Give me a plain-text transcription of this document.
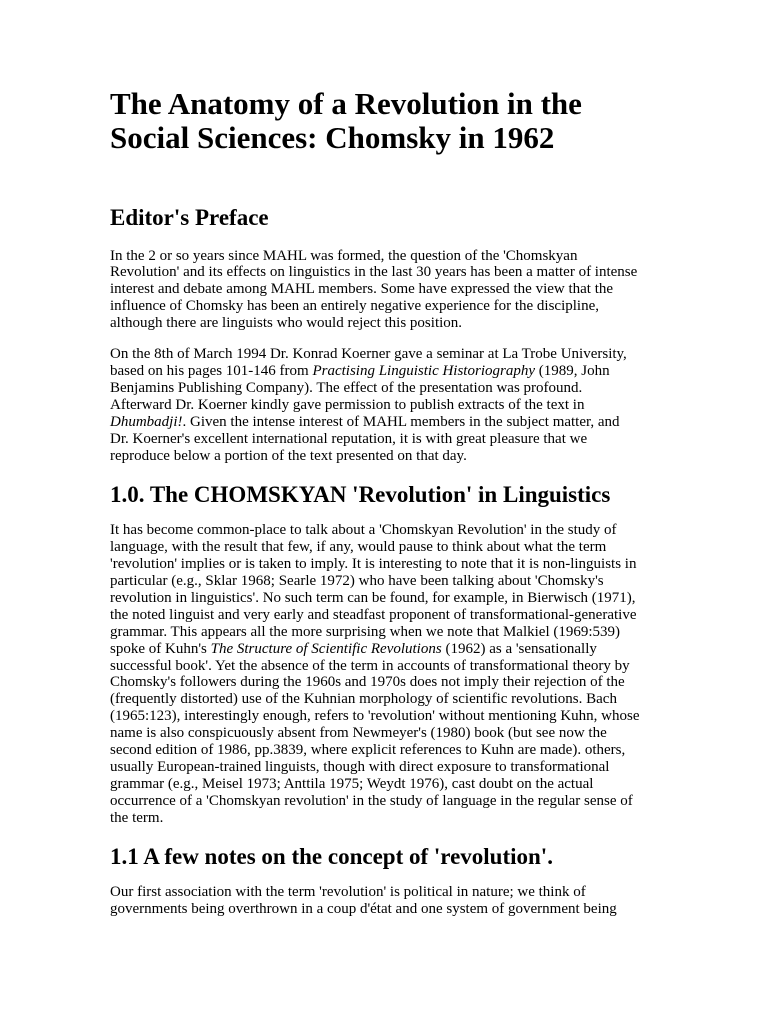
The Anatomy of a Revolution in the
Social Sciences: Chomsky in 1962
Editor's Preface
In the 2 or so years since MAHL was formed, the question of the 'Chomskyan
Revolution' and its effects on linguistics in the last 30 years has been a matter of intense
interest and debate among MAHL members. Some have expressed the view that the
influence of Chomsky has been an entirely negative experience for the discipline,
although there are linguists who would reject this position.
On the 8th of March 1994 Dr. Konrad Koerner gave a seminar at La Trobe University,
based on his pages 101-146 from Practising Linguistic Historiography (1989, John
Benjamins Publishing Company). The effect of the presentation was profound.
Afterward Dr. Koerner kindly gave permission to publish extracts of the text in
Dhumbadji!. Given the intense interest of MAHL members in the subject matter, and
Dr. Koerner's excellent international reputation, it is with great pleasure that we
reproduce below a portion of the text presented on that day.
1.0. The CHOMSKYAN 'Revolution' in Linguistics
It has become common-place to talk about a 'Chomskyan Revolution' in the study of
language, with the result that few, if any, would pause to think about what the term
'revolution' implies or is taken to imply. It is interesting to note that it is non-linguists in
particular (e.g., Sklar 1968; Searle 1972) who have been talking about 'Chomsky's
revolution in linguistics'. No such term can be found, for example, in Bierwisch (1971),
the noted linguist and very early and steadfast proponent of transformational-generative
grammar. This appears all the more surprising when we note that Malkiel (1969:539)
spoke of Kuhn's The Structure of Scientific Revolutions (1962) as a 'sensationally
successful book'. Yet the absence of the term in accounts of transformational theory by
Chomsky's followers during the 1960s and 1970s does not imply their rejection of the
(frequently distorted) use of the Kuhnian morphology of scientific revolutions. Bach
(1965:123), interestingly enough, refers to 'revolution' without mentioning Kuhn, whose
name is also conspicuously absent from Newmeyer's (1980) book (but see now the
second edition of 1986, pp.3839, where explicit references to Kuhn are made). others,
usually European-trained linguists, though with direct exposure to transformational
grammar (e.g., Meisel 1973; Anttila 1975; Weydt 1976), cast doubt on the actual
occurrence of a 'Chomskyan revolution' in the study of language in the regular sense of
the term.
1.1 A few notes on the concept of 'revolution'.
Our first association with the term 'revolution' is political in nature; we think of
governments being overthrown in a coup d'état and one system of government being
